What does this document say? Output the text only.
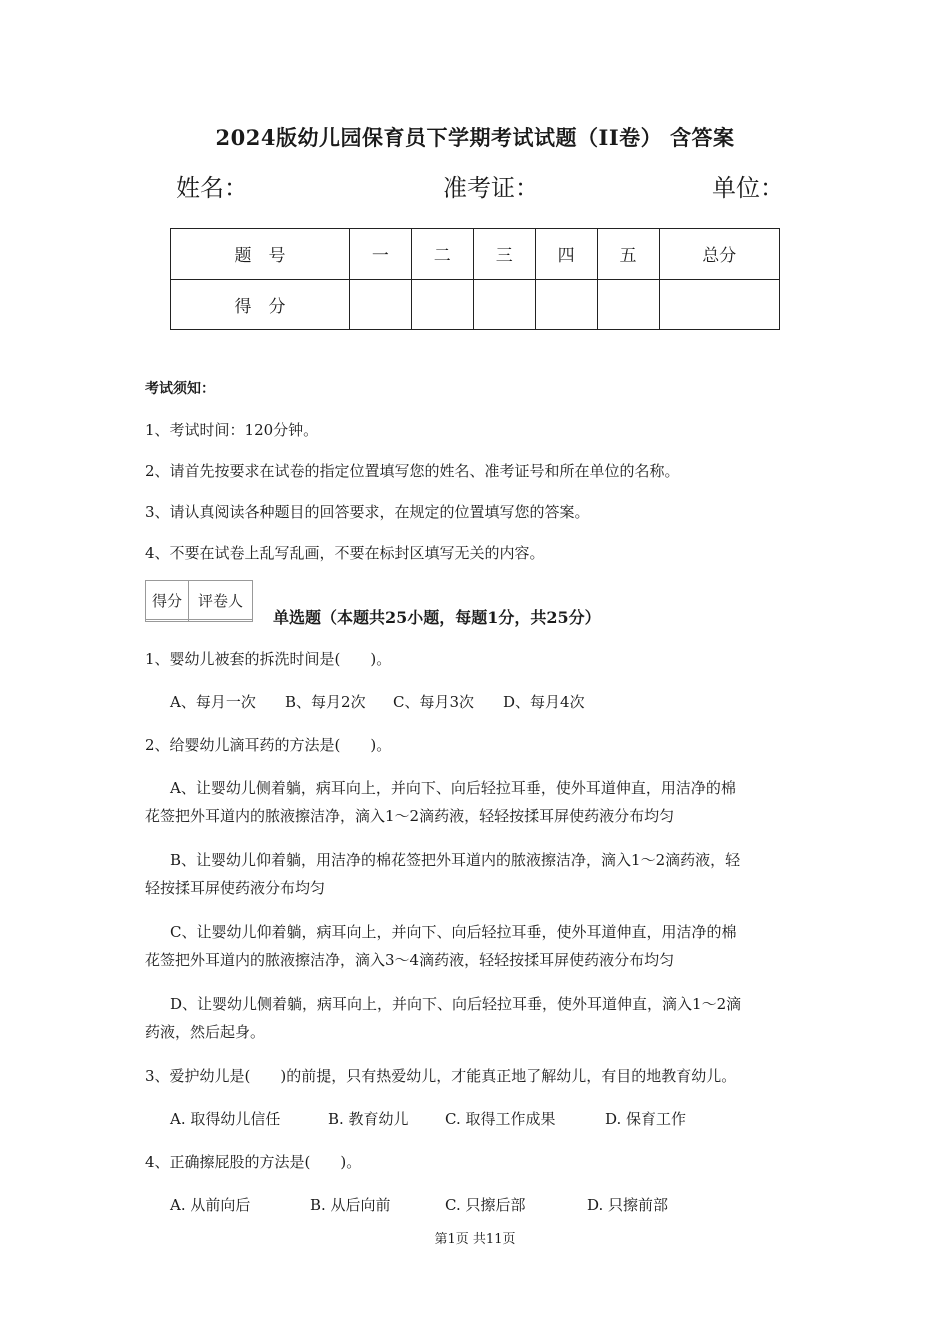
2024版幼儿园保育员下学期考试试题（II卷） 含答案
姓名：	准考证：	单位：
题　号	一	二	三	四	五	总分
得　分						
考试须知：
1、考试时间：120分钟。
2、请首先按要求在试卷的指定位置填写您的姓名、准考证号和所在单位的名称。
3、请认真阅读各种题目的回答要求，在规定的位置填写您的答案。
4、不要在试卷上乱写乱画，不要在标封区填写无关的内容。
得分	评卷人

单选题（本题共25小题，每题1分，共25分）
1、婴幼儿被套的拆洗时间是(　　)。
A、每月一次 B、每月2次 C、每月3次 D、每月4次
2、给婴幼儿滴耳药的方法是(　　)。
A、让婴幼儿侧着躺，病耳向上，并向下、向后轻拉耳垂，使外耳道伸直，用洁净的棉
花签把外耳道内的脓液擦洁净，滴入1～2滴药液，轻轻按揉耳屏使药液分布均匀
B、让婴幼儿仰着躺，用洁净的棉花签把外耳道内的脓液擦洁净，滴入1～2滴药液，轻
轻按揉耳屏使药液分布均匀
C、让婴幼儿仰着躺，病耳向上，并向下、向后轻拉耳垂，使外耳道伸直，用洁净的棉
花签把外耳道内的脓液擦洁净，滴入3～4滴药液，轻轻按揉耳屏使药液分布均匀
D、让婴幼儿侧着躺，病耳向上，并向下、向后轻拉耳垂，使外耳道伸直，滴入1～2滴
药液，然后起身。
3、爱护幼儿是(　　)的前提，只有热爱幼儿，才能真正地了解幼儿，有目的地教育幼儿。
A. 取得幼儿信任	B. 教育幼儿 C. 取得工作成果	D. 保育工作
4、正确擦屁股的方法是(　　)。
A. 从前向后	B. 从后向前	C. 只擦后部	D. 只擦前部
第1页 共11页
